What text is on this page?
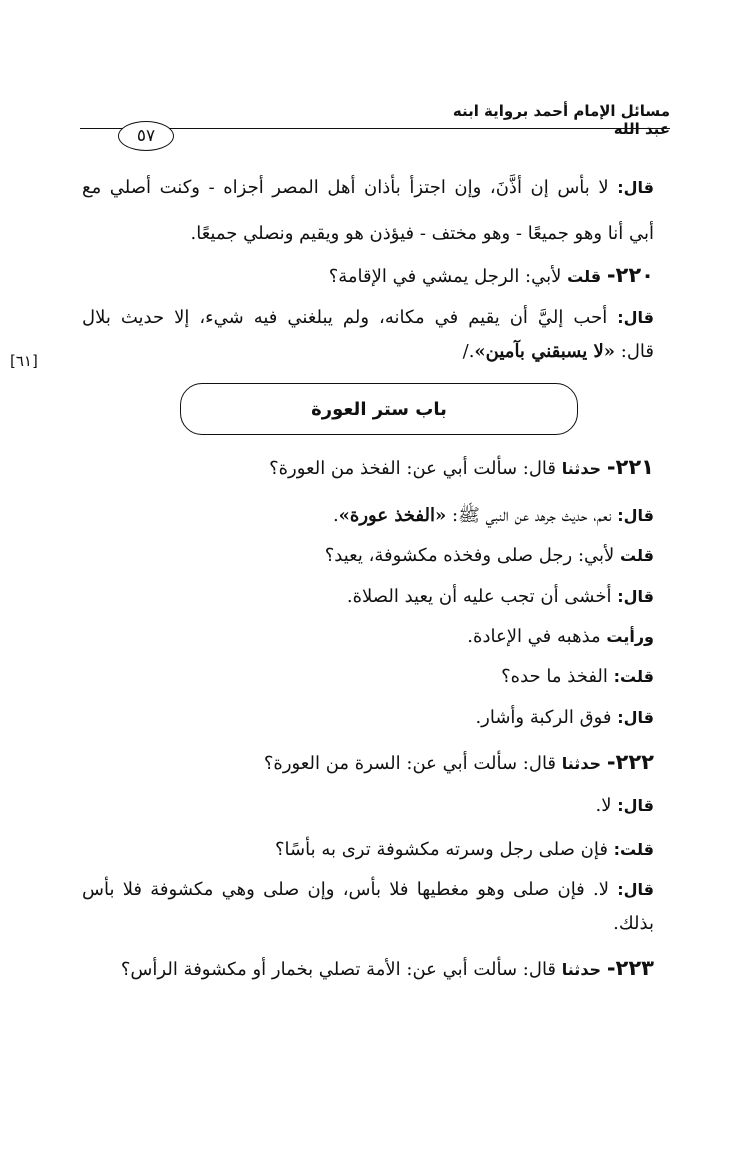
مسائل الإمام أحمد برواية ابنه عبد الله
٥٧
قال: لا بأس إن أذَّنَ، وإن اجتزأ بأذان أهل المصر أجزاه - وكنت أصلي مع
أبي أنا وهو جميعًا - وهو مختف - فيؤذن هو ويقيم ونصلي جميعًا.
٢٢٠- قلت لأبي: الرجل يمشي في الإقامة؟
قال: أحب إليَّ أن يقيم في مكانه، ولم يبلغني فيه شيء، إلا حديث بلال
قال: «لا يسبقني بآمين»./
[٦١]
باب ستر العورة
٢٢١- حدثنا قال: سألت أبي عن: الفخذ من العورة؟
قال: نعم، حديث جرهد عن النبي ﷺ: «الفخذ عورة».
قلت لأبي: رجل صلى وفخذه مكشوفة، يعيد؟
قال: أخشى أن تجب عليه أن يعيد الصلاة.
ورأيت مذهبه في الإعادة.
قلت: الفخذ ما حده؟
قال: فوق الركبة وأشار.
٢٢٢- حدثنا قال: سألت أبي عن: السرة من العورة؟
قال: لا.
قلت: فإن صلى رجل وسرته مكشوفة ترى به بأسًا؟
قال: لا. فإن صلى وهو مغطيها فلا بأس، وإن صلى وهي مكشوفة فلا بأس
بذلك.
٢٢٣- حدثنا قال: سألت أبي عن: الأمة تصلي بخمار أو مكشوفة الرأس؟
